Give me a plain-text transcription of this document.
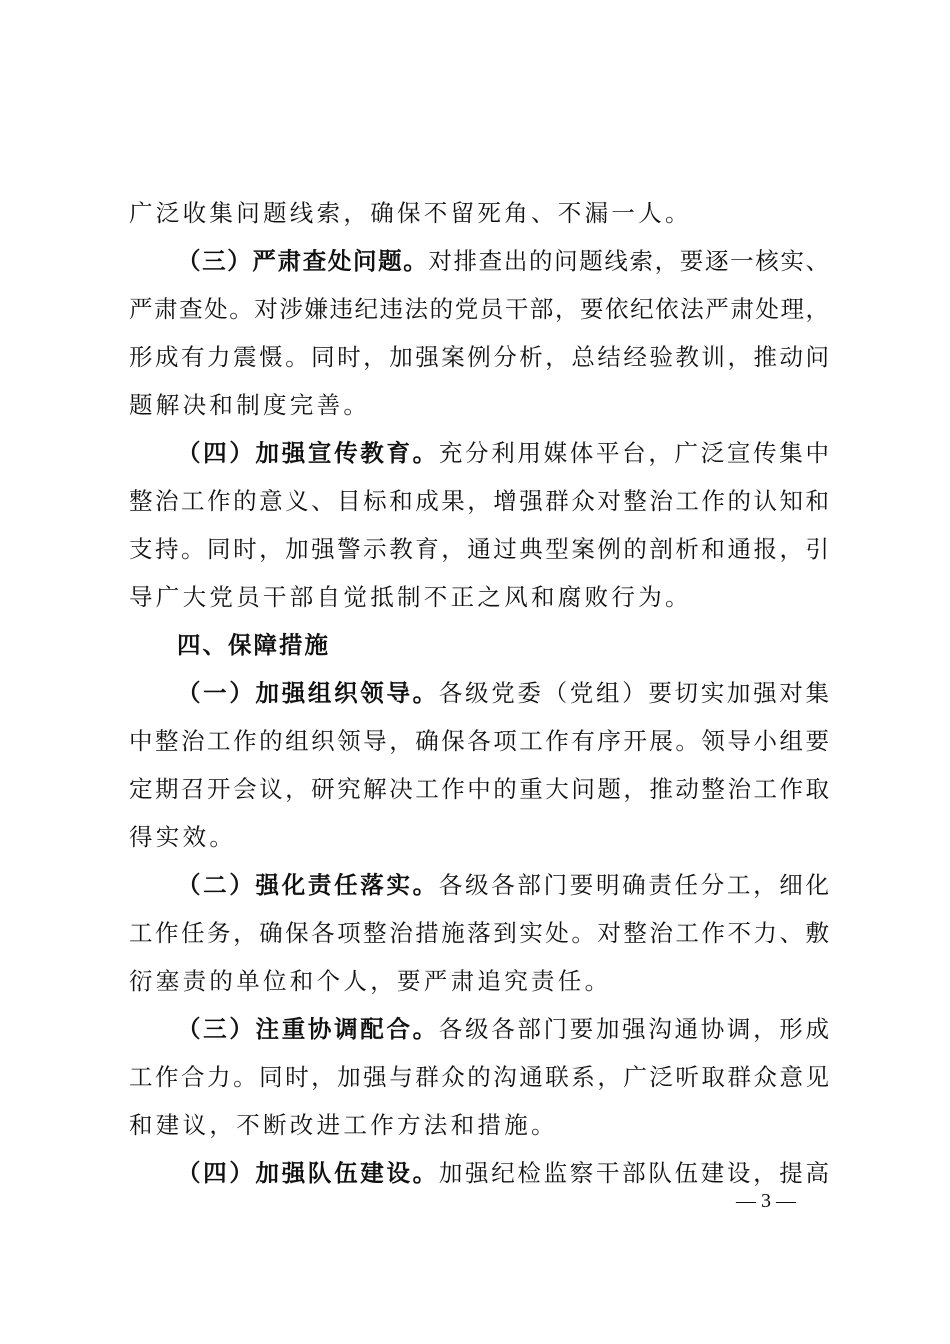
广泛收集问题线索，确保不留死角、不漏一人。
（三）严肃查处问题。对排查出的问题线索，要逐一核实、
严肃查处。对涉嫌违纪违法的党员干部，要依纪依法严肃处理，
形成有力震慑。同时，加强案例分析，总结经验教训，推动问
题解决和制度完善。
（四）加强宣传教育。充分利用媒体平台，广泛宣传集中
整治工作的意义、目标和成果，增强群众对整治工作的认知和
支持。同时，加强警示教育，通过典型案例的剖析和通报，引
导广大党员干部自觉抵制不正之风和腐败行为。
四、保障措施
（一）加强组织领导。各级党委（党组）要切实加强对集
中整治工作的组织领导，确保各项工作有序开展。领导小组要
定期召开会议，研究解决工作中的重大问题，推动整治工作取
得实效。
（二）强化责任落实。各级各部门要明确责任分工，细化
工作任务，确保各项整治措施落到实处。对整治工作不力、敷
衍塞责的单位和个人，要严肃追究责任。
（三）注重协调配合。各级各部门要加强沟通协调，形成
工作合力。同时，加强与群众的沟通联系，广泛听取群众意见
和建议，不断改进工作方法和措施。
（四）加强队伍建设。加强纪检监察干部队伍建设，提高
— 3 —
